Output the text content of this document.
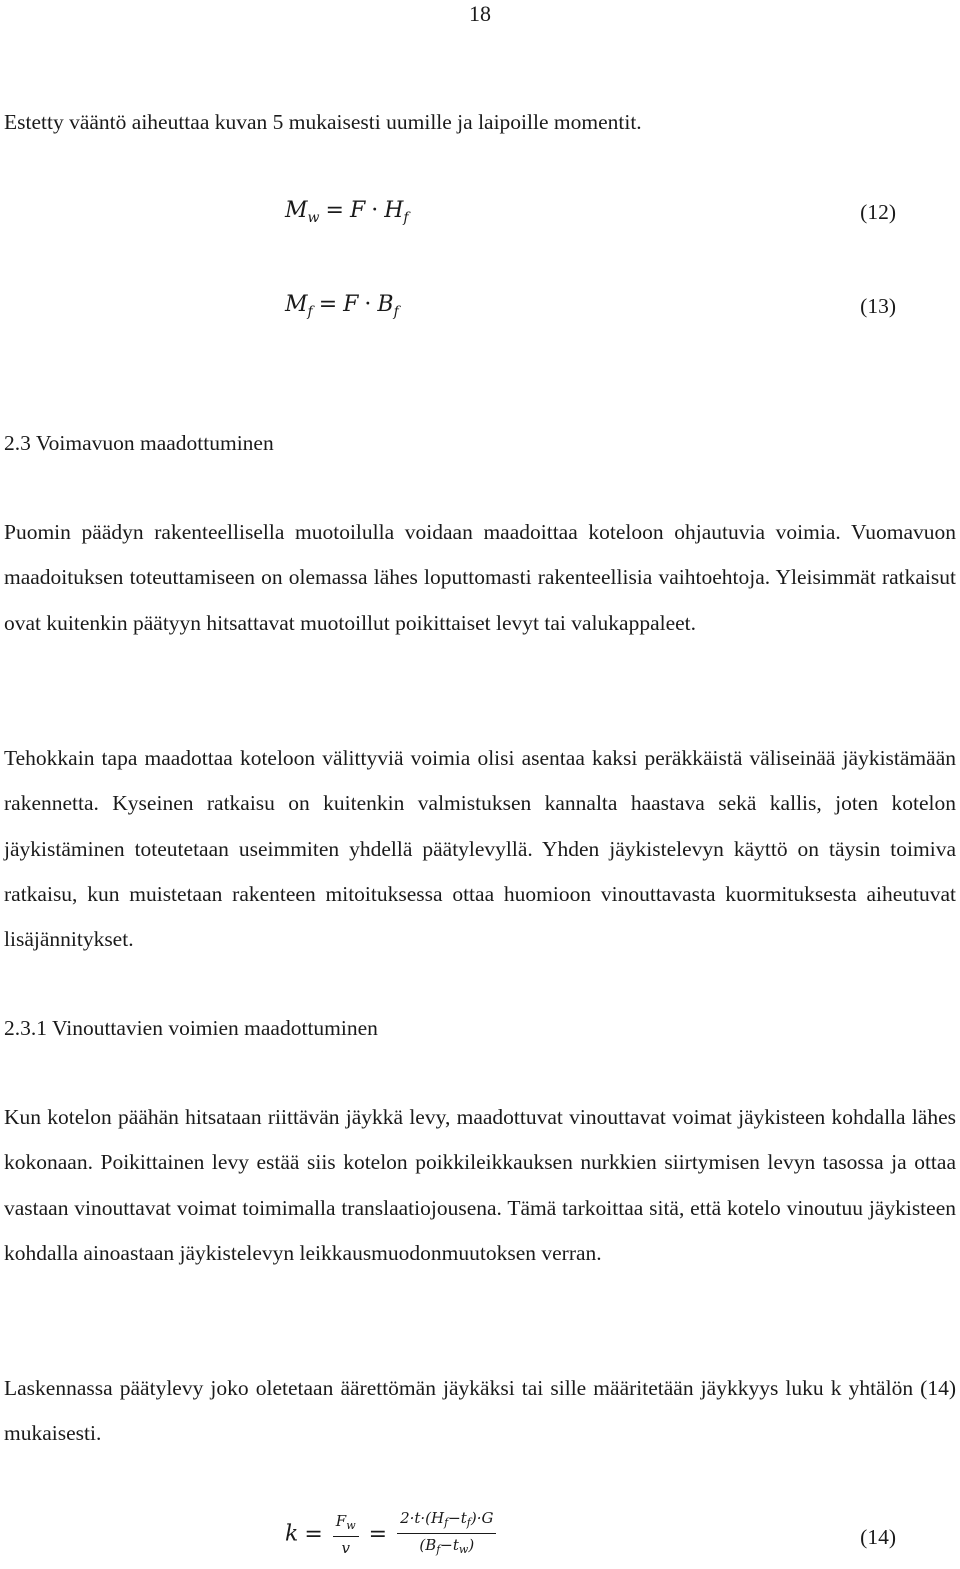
18
Estetty vääntö aiheuttaa kuvan 5 mukaisesti uumille ja laipoille momentit.
$M_w = F \cdot H_f$	(12)
$M_f = F \cdot B_f$	(13)
2.3 Voimavuon maadottuminen

Puomin päädyn rakenteellisella muotoilulla voidaan maadoittaa koteloon ohjautuvia voimia. Vuomavuon maadoituksen toteuttamiseen on olemassa lähes loputtomasti rakenteellisia vaihtoehtoja. Yleisimmät ratkaisut ovat kuitenkin päätyyn hitsattavat muotoillut poikittaiset levyt tai valukappaleet.

Tehokkain tapa maadottaa koteloon välittyviä voimia olisi asentaa kaksi peräkkäistä väliseinää jäykistämään rakennetta. Kyseinen ratkaisu on kuitenkin valmistuksen kannalta haastava sekä kallis, joten kotelon jäykistäminen toteutetaan useimmiten yhdellä päätylevyllä. Yhden jäykistelevyn käyttö on täysin toimiva ratkaisu, kun muistetaan rakenteen mitoituksessa ottaa huomioon vinouttavasta kuormituksesta aiheutuvat lisäjännitykset.

2.3.1 Vinouttavien voimien maadottuminen

Kun kotelon päähän hitsataan riittävän jäykkä levy, maadottuvat vinouttavat voimat jäykisteen kohdalla lähes kokonaan. Poikittainen levy estää siis kotelon poikkileikkauksen nurkkien siirtymisen levyn tasossa ja ottaa vastaan vinouttavat voimat toimimalla translaatiojousena. Tämä tarkoittaa sitä, että kotelo vinoutuu jäykisteen kohdalla ainoastaan jäykistelevyn leikkausmuodonmuutoksen verran.

Laskennassa päätylevy joko oletetaan äärettömän jäykäksi tai sille määritetään jäykkyys luku k yhtälön (14) mukaisesti.

$k = \frac{F_w}{v} = \frac{2\cdot t\cdot(H_f-t_f)\cdot G}{(B_f-t_w)}$	(14)
